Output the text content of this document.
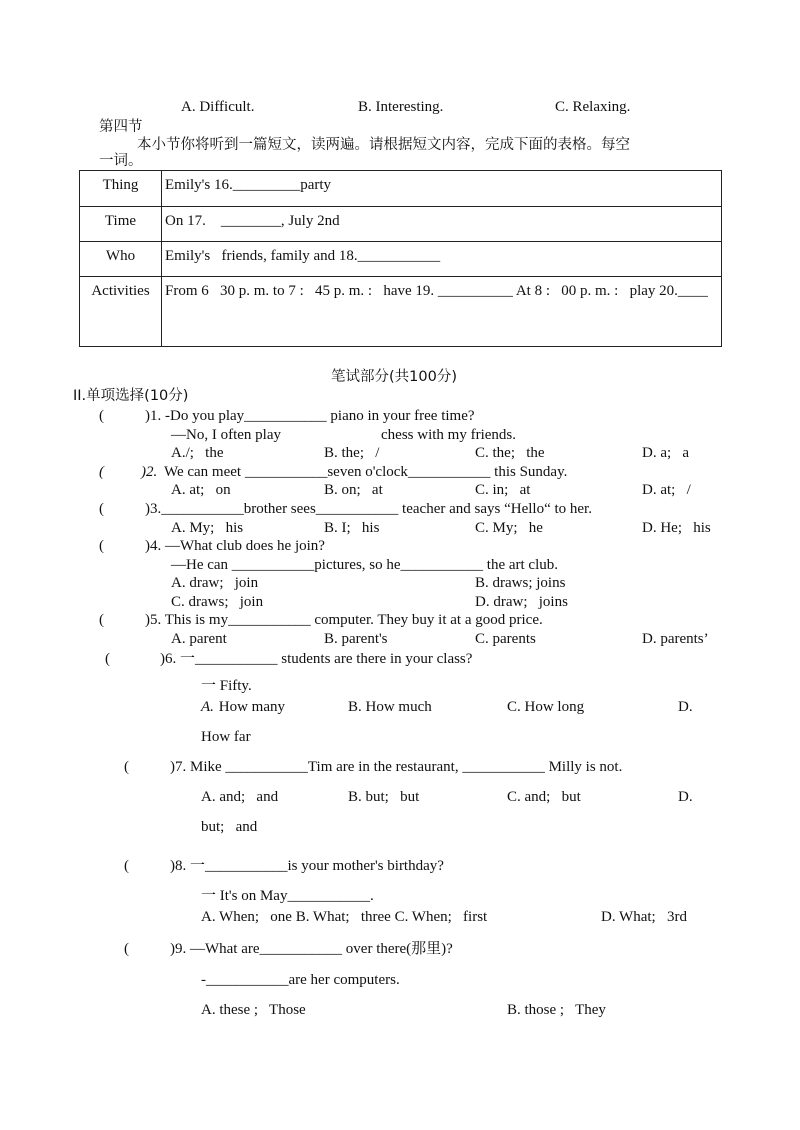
A. Difficult.	B. Interesting.	C. Relaxing.
第四节
本小节你将听到一篇短文，读两遍。请根据短文内容，完成下面的表格。每空
一词。
Thing	Emily's 16._________party
Time	On 17.    ________, July 2nd
Who	Emily's   friends, family and 18.___________
Activities	From 6   30 p. m. to 7 :   45 p. m. :   have 19. __________ At 8 :   00 p. m. :   play 20.____
笔试部分(共100分)
II.单项选择(10分)
(	)1. -Do you play___________ piano in your free time?
—No, I often play	chess with my friends.
A./;   the	B. the;   /	C. the;   the	D. a;   a
( )2. We can meet ___________seven o'clock___________ this Sunday.
A. at;   on	B. on;   at	C. in;   at	D. at;   /
(	)3.___________brother sees___________ teacher and says “Hello“ to her.
A. My;   his	B. I;   his	C. My;   he	D. He;   his
(	)4. —What club does he join?
—He can ___________pictures, so he___________ the art club.
A. draw;   join	B. draws; joins
C. draws;   join	D. draw;   joins
(	)5. This is my___________ computer. They buy it at a good price.
A. parent	B. parent's	C. parents	D. parents’
(	)6. 一___________ students are there in your class?
一 Fifty.
A. How many	B. How much	C. How long	D.
How far
(	)7. Mike ___________Tim are in the restaurant, ___________ Milly is not.
A. and;   and	B. but;   but	C. and;   but	D.
but;   and
(	)8. 一___________is your mother's birthday?
一 It's on May___________.
A. When;   one B. What;   three C. When;   first	D. What;   3rd
(	)9. —What are___________ over there(那里)?
-___________are her computers.
A. these ;   Those	B. those ;   They
